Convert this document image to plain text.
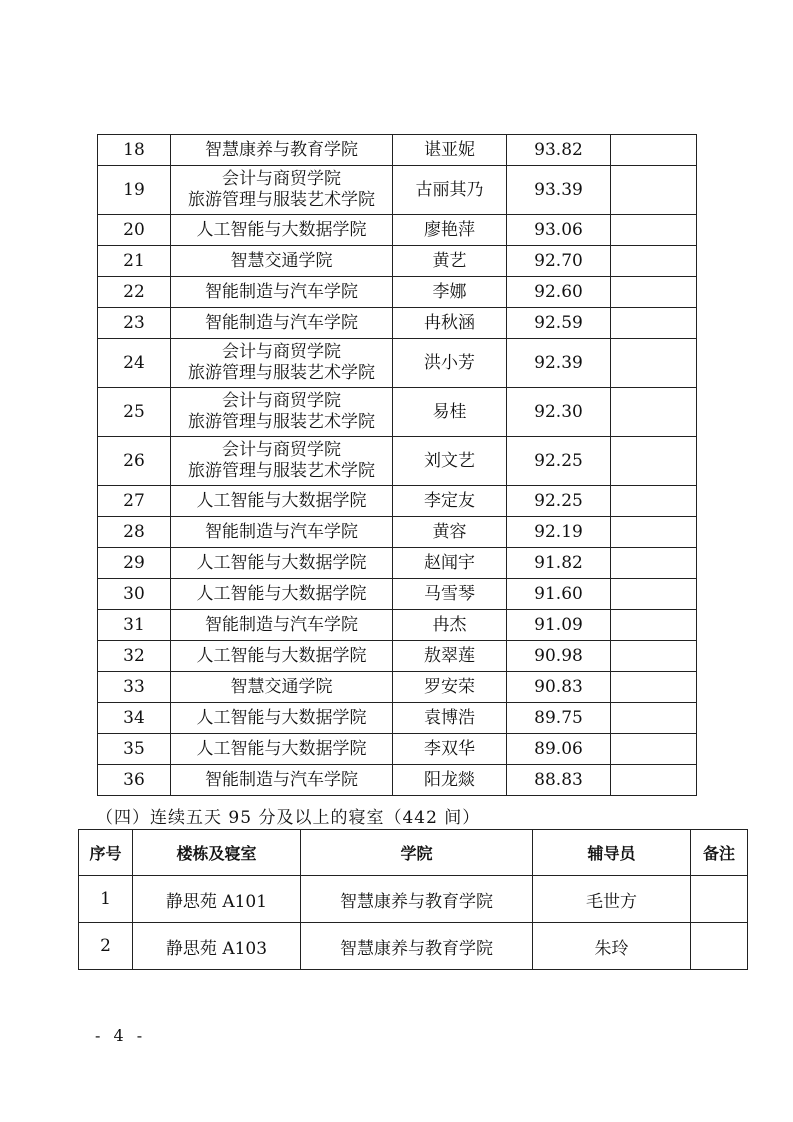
18	智慧康养与教育学院	谌亚妮	93.82	
19	会计与商贸学院
旅游管理与服装艺术学院	古丽其乃	93.39	
20	人工智能与大数据学院	廖艳萍	93.06	
21	智慧交通学院	黄艺	92.70	
22	智能制造与汽车学院	李娜	92.60	
23	智能制造与汽车学院	冉秋涵	92.59	
24	会计与商贸学院
旅游管理与服装艺术学院	洪小芳	92.39	
25	会计与商贸学院
旅游管理与服装艺术学院	易桂	92.30	
26	会计与商贸学院
旅游管理与服装艺术学院	刘文艺	92.25	
27	人工智能与大数据学院	李定友	92.25	
28	智能制造与汽车学院	黄容	92.19	
29	人工智能与大数据学院	赵闻宇	91.82	
30	人工智能与大数据学院	马雪琴	91.60	
31	智能制造与汽车学院	冉杰	91.09	
32	人工智能与大数据学院	敖翠莲	90.98	
33	智慧交通学院	罗安荣	90.83	
34	人工智能与大数据学院	袁博浩	89.75	
35	人工智能与大数据学院	李双华	89.06	
36	智能制造与汽车学院	阳龙燚	88.83	
（四）连续五天 95 分及以上的寝室（442 间）
序号	楼栋及寝室	学院	辅导员	备注
1	静思苑 A101	智慧康养与教育学院	毛世方	
2	静思苑 A103	智慧康养与教育学院	朱玲	
- 4 -
